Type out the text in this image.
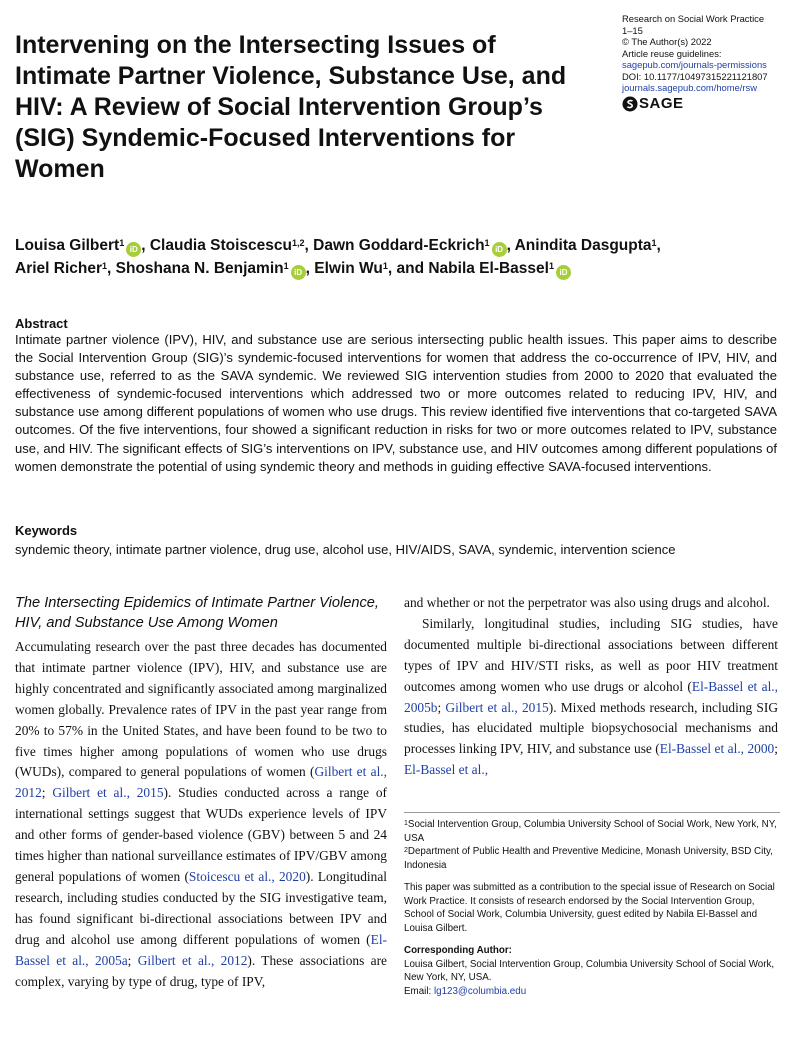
Intervening on the Intersecting Issues of Intimate Partner Violence, Substance Use, and HIV: A Review of Social Intervention Group’s (SIG) Syndemic-Focused Interventions for Women
Research on Social Work Practice
1–15
© The Author(s) 2022
Article reuse guidelines:
sagepub.com/journals-permissions
DOI: 10.1177/10497315221121807
journals.sagepub.com/home/rsw
SAGE
Louisa Gilbert$^1$iD , Claudia Stoiscescu$^{1,2}$, Dawn Goddard-Eckrich$^1$iD , Anindita Dasgupta$^1$,
Ariel Richer$^1$, Shoshana N. Benjamin$^1$iD , Elwin Wu$^1$, and Nabila El-Bassel$^1$iD
Abstract
Intimate partner violence (IPV), HIV, and substance use are serious intersecting public health issues. This paper aims to describe the Social Intervention Group (SIG)’s syndemic-focused interventions for women that address the co-occurrence of IPV, HIV, and substance use, referred to as the SAVA syndemic. We reviewed SIG intervention studies from 2000 to 2020 that evaluated the effectiveness of syndemic-focused interventions which addressed two or more outcomes related to reducing IPV, HIV, and substance use among different populations of women who use drugs. This review identified five interventions that co-targeted SAVA outcomes. Of the five interventions, four showed a significant reduction in risks for two or more outcomes related to IPV, substance use, and HIV. The significant effects of SIG’s interventions on IPV, substance use, and HIV outcomes among different populations of women demonstrate the potential of using syndemic theory and methods in guiding effective SAVA-focused interventions.
Keywords
syndemic theory, intimate partner violence, drug use, alcohol use, HIV/AIDS, SAVA, syndemic, intervention science
The Intersecting Epidemics of Intimate Partner Violence, HIV, and Substance Use Among Women

Accumulating research over the past three decades has documented that intimate partner violence (IPV), HIV, and substance use are highly concentrated and significantly associated among marginalized women globally. Prevalence rates of IPV in the past year range from 20% to 57% in the United States, and have been found to be two to five times higher among populations of women who use drugs (WUDs), compared to general populations of women (Gilbert et al., 2012; Gilbert et al., 2015). Studies conducted across a range of international settings suggest that WUDs experience levels of IPV and other forms of gender-based violence (GBV) between 5 and 24 times higher than national surveillance estimates of IPV/GBV among general populations of women (Stoicescu et al., 2020). Longitudinal research, including studies conducted by the SIG investigative team, has found significant bi-directional associations between IPV and drug and alcohol use among different populations of women (El-Bassel et al., 2005a; Gilbert et al., 2012). These associations are complex, varying by type of drug, type of IPV,

and whether or not the perpetrator was also using drugs and alcohol.

Similarly, longitudinal studies, including SIG studies, have documented multiple bi-directional associations between different types of IPV and HIV/STI risks, as well as poor HIV treatment outcomes among women who use drugs or alcohol (El-Bassel et al., 2005b; Gilbert et al., 2015). Mixed methods research, including SIG studies, has elucidated multiple biopsychosocial mechanisms and processes linking IPV, HIV, and substance use (El-Bassel et al., 2000; El-Bassel et al.,

$^1$Social Intervention Group, Columbia University School of Social Work, New York, NY, USA
$^2$Department of Public Health and Preventive Medicine, Monash University, BSD City, Indonesia
This paper was submitted as a contribution to the special issue of Research on Social Work Practice. It consists of research endorsed by the Social Intervention Group, School of Social Work, Columbia University, guest edited by Nabila El-Bassel and Louisa Gilbert.
Corresponding Author:
Louisa Gilbert, Social Intervention Group, Columbia University School of Social Work, New York, NY, USA.
Email: lg123@columbia.edu
